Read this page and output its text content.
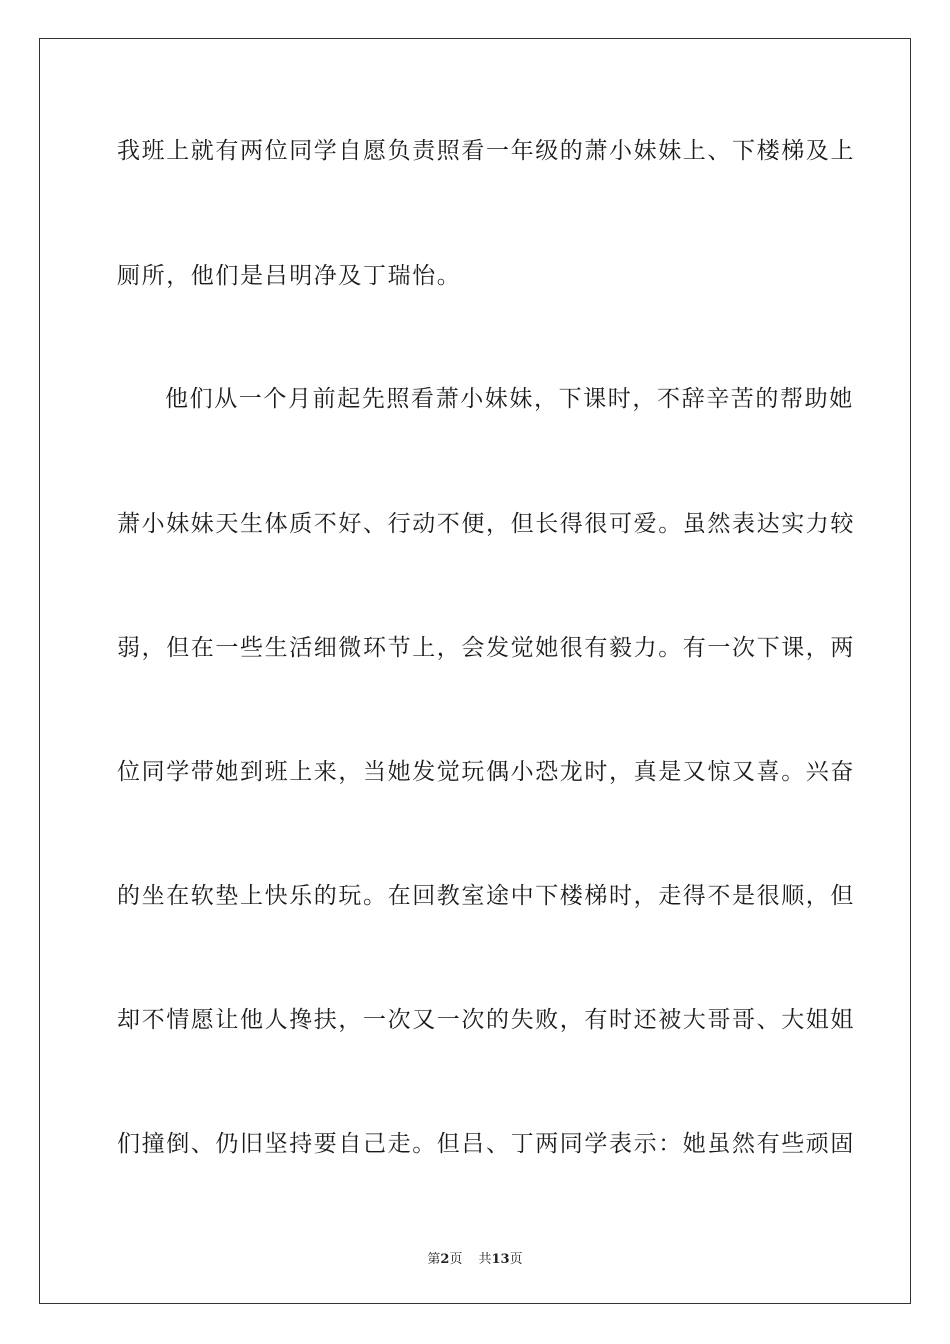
我班上就有两位同学自愿负责照看一年级的萧小妹妹上、下楼梯及上

厕所，他们是吕明净及丁瑞怡。

他们从一个月前起先照看萧小妹妹，下课时，不辞辛苦的帮助她

萧小妹妹天生体质不好、行动不便，但长得很可爱。虽然表达实力较

弱，但在一些生活细微环节上，会发觉她很有毅力。有一次下课，两

位同学带她到班上来，当她发觉玩偶小恐龙时，真是又惊又喜。兴奋

的坐在软垫上快乐的玩。在回教室途中下楼梯时，走得不是很顺，但

却不情愿让他人搀扶，一次又一次的失败，有时还被大哥哥、大姐姐

们撞倒、仍旧坚持要自己走。但吕、丁两同学表示：她虽然有些顽固

第2页 共13页
